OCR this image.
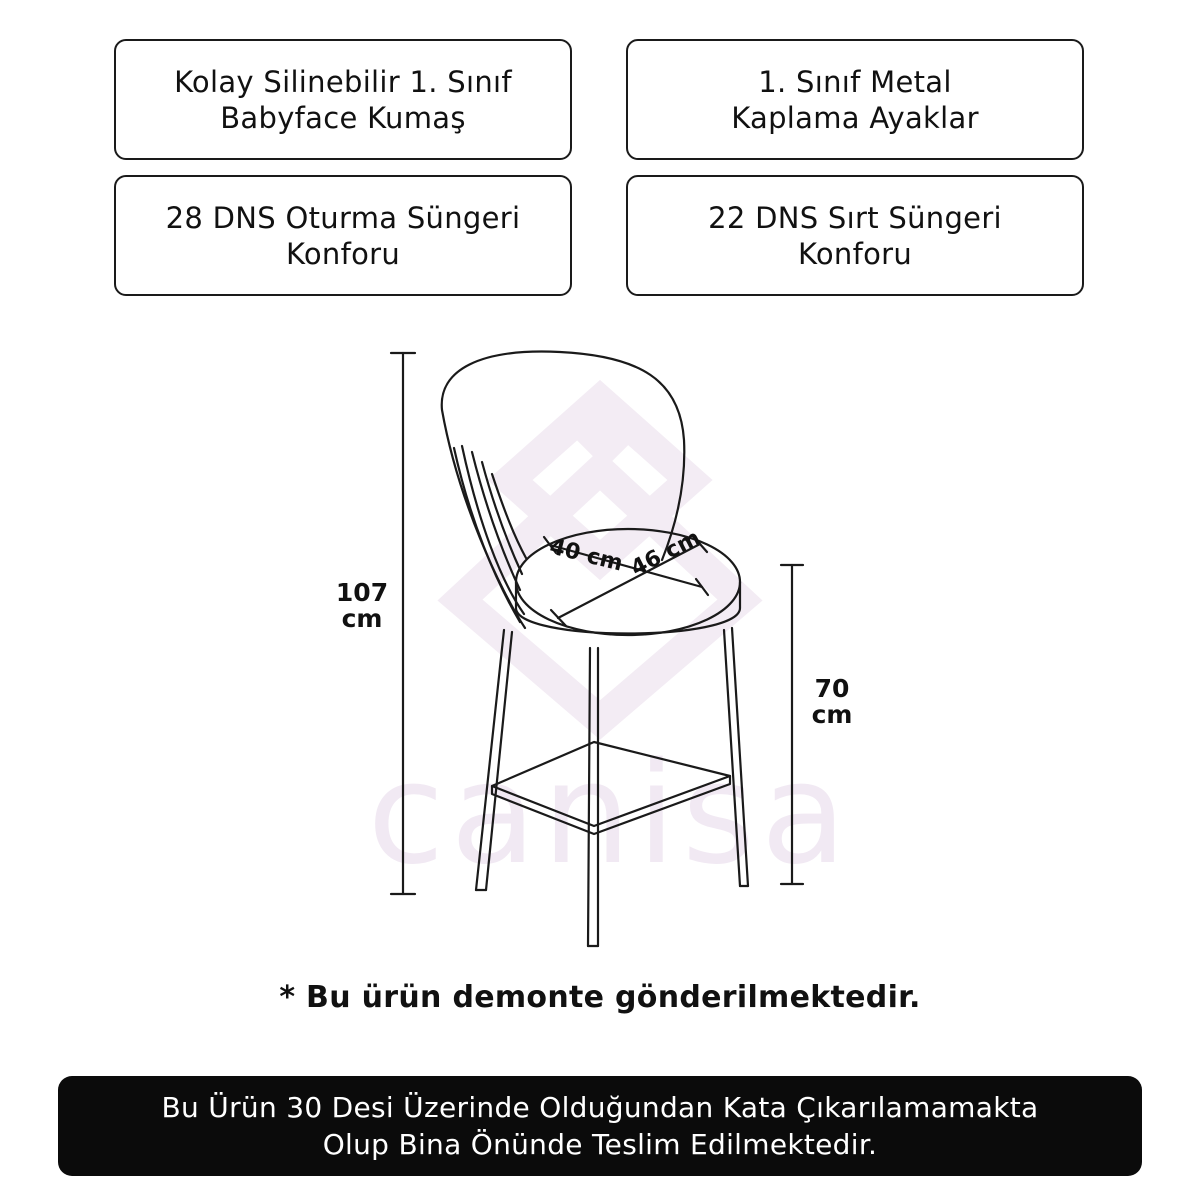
Kolay Silinebilir 1. Sınıf
Babyface Kumaş
1. Sınıf Metal
Kaplama Ayaklar
28 DNS Oturma Süngeri
Konforu
22 DNS Sırt Süngeri
Konforu
canisa
40 cm 46 cm
107
cm
70
cm
* Bu ürün demonte gönderilmektedir.
Bu Ürün 30 Desi Üzerinde Olduğundan Kata Çıkarılamamakta
Olup Bina Önünde Teslim Edilmektedir.
